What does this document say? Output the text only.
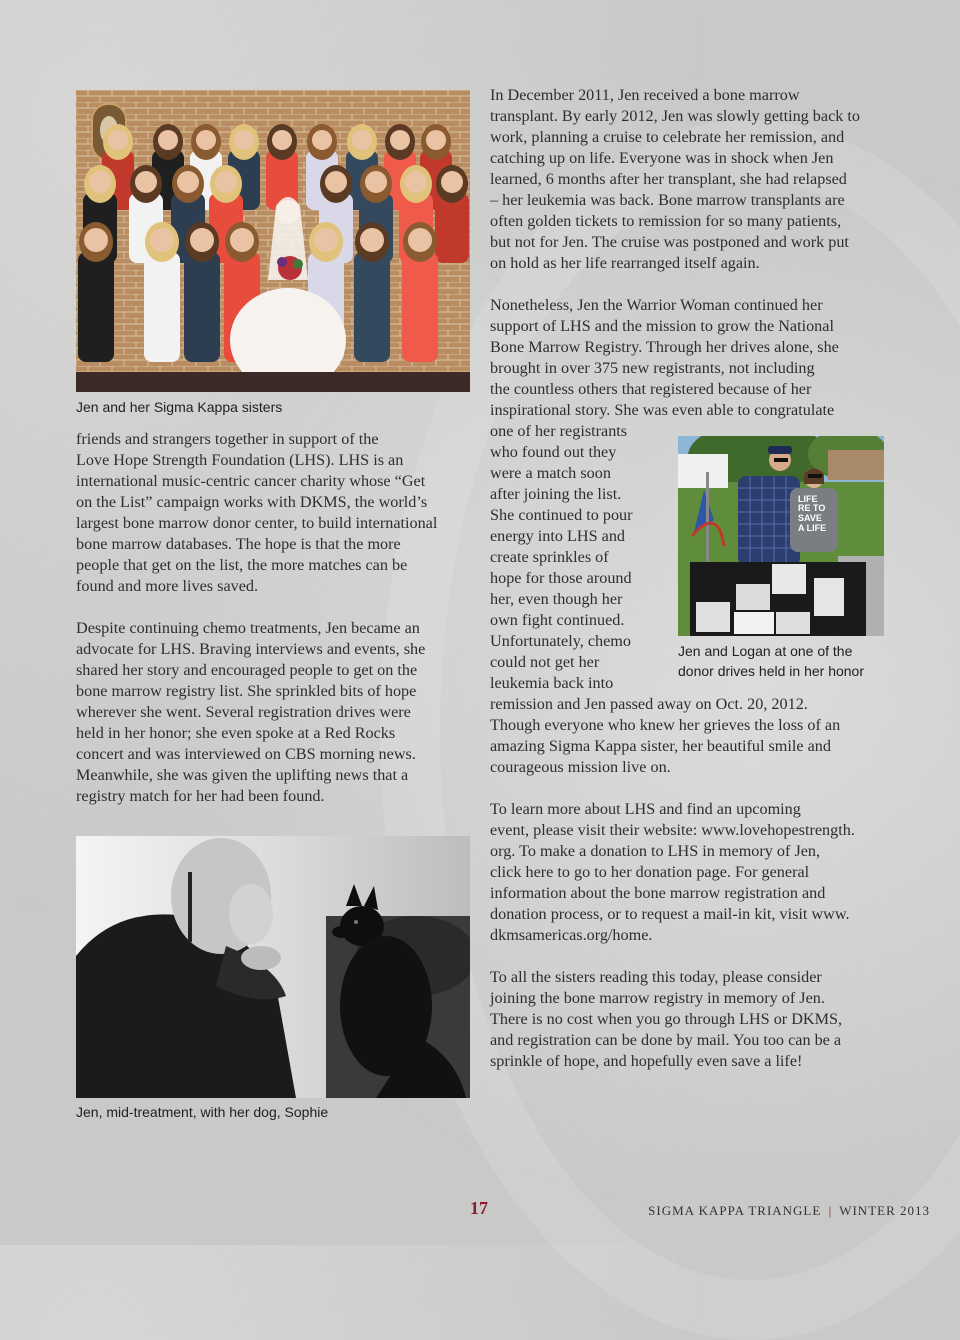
Jen and her Sigma Kappa sisters
LIFE
RE TO
SAVE
A LIFE
Jen and Logan at one of the
donor drives held in her honor
Jen, mid-treatment, with her dog, Sophie
friends and strangers together in support of the
Love Hope Strength Foundation (LHS). LHS is an
international music-centric cancer charity whose “Get
on the List” campaign works with DKMS, the world’s
largest bone marrow donor center, to build international
bone marrow databases. The hope is that the more
people that get on the list, the more matches can be
found and more lives saved.
Despite continuing chemo treatments, Jen became an
advocate for LHS. Braving interviews and events, she
shared her story and encouraged people to get on the
bone marrow registry list. She sprinkled bits of hope
wherever she went. Several registration drives were
held in her honor; she even spoke at a Red Rocks
concert and was interviewed on CBS morning news.
Meanwhile, she was given the uplifting news that a
registry match for her had been found.
In December 2011, Jen received a bone marrow
transplant. By early 2012, Jen was slowly getting back to
work, planning a cruise to celebrate her remission, and
catching up on life. Everyone was in shock when Jen
learned, 6 months after her transplant, she had relapsed
– her leukemia was back. Bone marrow transplants are
often golden tickets to remission for so many patients,
but not for Jen. The cruise was postponed and work put
on hold as her life rearranged itself again.
Nonetheless, Jen the Warrior Woman continued her
support of LHS and the mission to grow the National
Bone Marrow Registry. Through her drives alone, she
brought in over 375 new registrants, not including
the countless others that registered because of her
inspirational story. She was even able to congratulate
one of her registrants
who found out they
were a match soon
after joining the list.
She continued to pour
energy into LHS and
create sprinkles of
hope for those around
her, even though her
own fight continued.
Unfortunately, chemo
could not get her
leukemia back into
remission and Jen passed away on Oct. 20, 2012.
Though everyone who knew her grieves the loss of an
amazing Sigma Kappa sister, her beautiful smile and
courageous mission live on.
To learn more about LHS and find an upcoming
event, please visit their website: www.lovehopestrength.
org. To make a donation to LHS in memory of Jen,
click here to go to her donation page. For general
information about the bone marrow registration and
donation process, or to request a mail-in kit, visit www.
dkmsamericas.org/home.
To all the sisters reading this today, please consider
joining the bone marrow registry in memory of Jen.
There is no cost when you go through LHS or DKMS,
and registration can be done by mail. You too can be a
sprinkle of hope, and hopefully even save a life!
17	SIGMA KAPPA TRIANGLE | WINTER 2013
